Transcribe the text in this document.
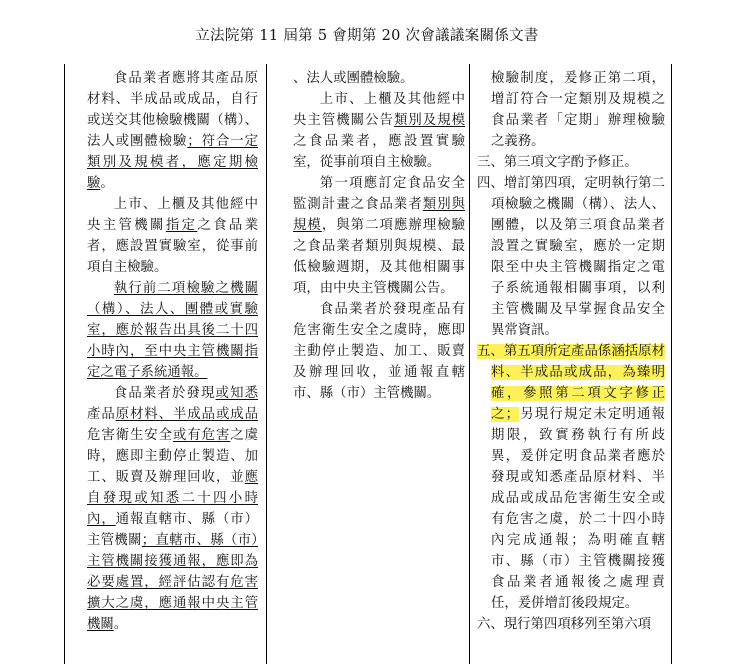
立法院第 11 屆第 5 會期第 20 次會議議案關係文書

食品業者應將其產品原材料、半成品或成品，自行或送交其他檢驗機關（構）、法人或團體檢驗；符合一定類別及規模者，應定期檢驗。

上市、上櫃及其他經中央主管機關指定之食品業者，應設置實驗室，從事前項自主檢驗。

執行前二項檢驗之機關（構）、法人、團體或實驗室，應於報告出具後二十四小時內，至中央主管機關指定之電子系統通報。

食品業者於發現或知悉產品原材料、半成品或成品危害衛生安全或有危害之虞時，應即主動停止製造、加工、販賣及辦理回收，並應自發現或知悉二十四小時內，通報直轄市、縣（市）主管機關；直轄市、縣（市）主管機關接獲通報，應即為必要處置，經評估認有危害擴大之虞，應通報中央主管機關。

、法人或團體檢驗。

上市、上櫃及其他經中央主管機關公告類別及規模之食品業者，應設置實驗室，從事前項自主檢驗。

第一項應訂定食品安全監測計畫之食品業者類別與規模，與第二項應辦理檢驗之食品業者類別與規模、最低檢驗週期，及其他相關事項，由中央主管機關公告。

食品業者於發現產品有危害衛生安全之虞時，應即主動停止製造、加工、販賣及辦理回收，並通報直轄市、縣（市）主管機關。

檢驗制度，爰修正第二項，增訂符合一定類別及規模之食品業者「定期」辦理檢驗之義務。

三、第三項文字酌予修正。

四、增訂第四項，定明執行第二項檢驗之機關（構）、法人、團體，以及第三項食品業者設置之實驗室，應於一定期限至中央主管機關指定之電子系統通報相關事項，以利主管機關及早掌握食品安全異常資訊。

五、第五項所定產品係涵括原材料、半成品或成品，為臻明確，參照第二項文字修正之；另現行規定未定明通報期限，致實務執行有所歧異，爰併定明食品業者應於發現或知悉產品原材料、半成品或成品危害衛生安全或有危害之虞，於二十四小時內完成通報；為明確直轄市、縣（市）主管機關接獲食品業者通報後之處理責任，爰併增訂後段規定。

六、現行第四項移列至第六項
